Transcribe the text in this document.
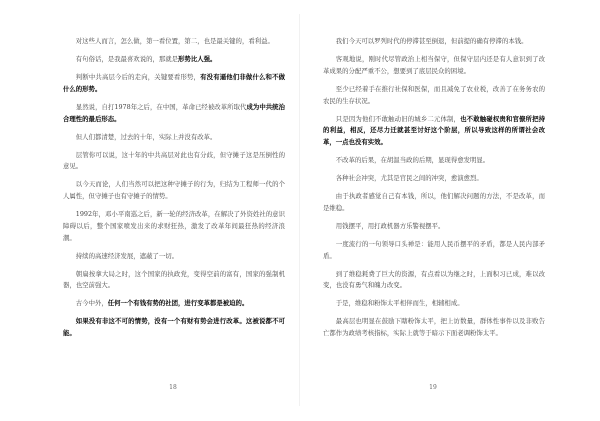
对这些人而言，怎么做，第一看位置，第二，也是最关键的，看利益。

有句俗话，是我最喜欢说的，那就是形势比人强。

判断中共高层今后的走向，关键要看形势，有没有逼他们非做什么和不做什么的形势。

显然说，自打1978年之后，在中国，革命已经被改革所取代成为中共统治合理性的最后形态。

但人们都清楚，过去的十年，实际上并没有改革。

层管你可以说，这十年的中共高层对此也有分歧，但守摊子这是压倒性的意见。

以今天而论，人们当然可以把这种守摊子的行为，归结为工程师一代的个人属性，但守摊子也有守摊子的情势。

1992年，邓小平南巡之后，新一轮的经济改革，在解决了外资姓社的意识障碍以后，整个国家喷发出来的求财狂热，激发了改革年间最狂热的经济浪潮。

持续的高速经济发展，遮蔽了一切。

朝扁按拿大局之时，这个国家的执政党，变得空前的富有，国家的强制机器，也空前强大。

古今中外，任何一个有钱有势的社团，进行变革都是被迫的。

如果没有非这不可的情势，没有一个有财有势会进行改革。这被说都不可能。

18

我们今天可以罗列时代的停滞甚至倒退，但前提的确有停滞的本钱。

客观地说，刚时代尽管政治上相当保守，但保守层内还是有人意识到了改革成果的分配严重不公，想要到了底层民众的困境。

至少已经着手在推行社保和医保，而且减免了农业税，改善了在务务农的农民的生存状况。

只是因为他们不敢触动旧的城乡二元体制，也不敢触碰权贵和官僚所把持的利益，相反，还尽力迁就甚至讨好这个阶层，所以导致这样的所谓社会改革，一点也没有实效。

不改革的后果，在胡温当政的后期，显现得愈发明显。

各种社会冲突，尤其是官民之间的冲突，愈演愈烈。

由于执政者感觉自己有本钱，所以，他们解决问题的方法，不是改革，而是维稳。

用钱摆平，用打政机器方乐警视摆平。

一度流行的一句领导口头禅是：能用人民币摆平的矛盾，都是人民内部矛盾。

到了维稳耗费了巨大的资源，有点看以为继之时，上面积习已成，难以改变，也没有勇气和魄力改变。

于是，维稳和粉饰太平相伴而生，相辅相成。

最高层也明显在鼓励下瞎粉饰太平，把上访数量，群体性事件以及非败告亡都作为政绩考核指标，实际上就等于暗示下面老调粉饰太平。

19
